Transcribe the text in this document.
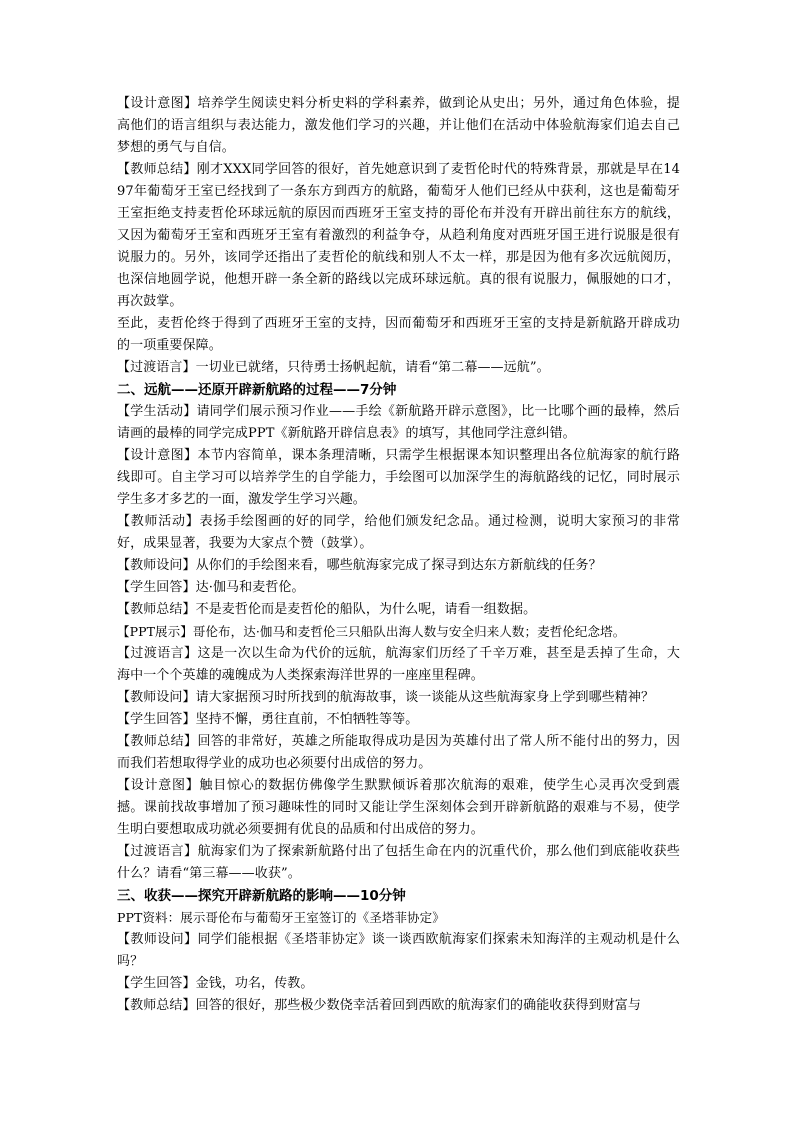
【设计意图】培养学生阅读史料分析史料的学科素养，做到论从史出；另外，通过角色体验，提高他们的语言组织与表达能力，激发他们学习的兴趣，并让他们在活动中体验航海家们追去自己梦想的勇气与自信。

【教师总结】刚才XXX同学回答的很好，首先她意识到了麦哲伦时代的特殊背景，那就是早在1497年葡萄牙王室已经找到了一条东方到西方的航路，葡萄牙人他们已经从中获利，这也是葡萄牙王室拒绝支持麦哲伦环球远航的原因而西班牙王室支持的哥伦布并没有开辟出前往东方的航线，又因为葡萄牙王室和西班牙王室有着激烈的利益争夺，从趋利角度对西班牙国王进行说服是很有说服力的。另外，该同学还指出了麦哲伦的航线和别人不太一样，那是因为他有多次远航阅历，也深信地圆学说，他想开辟一条全新的路线以完成环球远航。真的很有说服力，佩服她的口才，再次鼓掌。

至此，麦哲伦终于得到了西班牙王室的支持，因而葡萄牙和西班牙王室的支持是新航路开辟成功的一项重要保障。

【过渡语言】一切业已就绪，只待勇士扬帆起航，请看“第二幕——远航”。

二、远航——还原开辟新航路的过程——7分钟

【学生活动】请同学们展示预习作业——手绘《新航路开辟示意图》，比一比哪个画的最棒，然后请画的最棒的同学完成PPT《新航路开辟信息表》的填写，其他同学注意纠错。

【设计意图】本节内容简单，课本条理清晰，只需学生根据课本知识整理出各位航海家的航行路线即可。自主学习可以培养学生的自学能力，手绘图可以加深学生的海航路线的记忆，同时展示学生多才多艺的一面，激发学生学习兴趣。

【教师活动】表扬手绘图画的好的同学，给他们颁发纪念品。通过检测，说明大家预习的非常好，成果显著，我要为大家点个赞（鼓掌）。

【教师设问】从你们的手绘图来看，哪些航海家完成了探寻到达东方新航线的任务？

【学生回答】达·伽马和麦哲伦。

【教师总结】不是麦哲伦而是麦哲伦的船队，为什么呢，请看一组数据。

【PPT展示】哥伦布，达·伽马和麦哲伦三只船队出海人数与安全归来人数；麦哲伦纪念塔。

【过渡语言】这是一次以生命为代价的远航，航海家们历经了千辛万难，甚至是丢掉了生命，大海中一个个英雄的魂魄成为人类探索海洋世界的一座座里程碑。

【教师设问】请大家据预习时所找到的航海故事，谈一谈能从这些航海家身上学到哪些精神？

【学生回答】坚持不懈，勇往直前，不怕牺牲等等。

【教师总结】回答的非常好，英雄之所能取得成功是因为英雄付出了常人所不能付出的努力，因而我们若想取得学业的成功也必须要付出成倍的努力。

【设计意图】触目惊心的数据仿佛像学生默默倾诉着那次航海的艰难，使学生心灵再次受到震撼。课前找故事增加了预习趣味性的同时又能让学生深刻体会到开辟新航路的艰难与不易，使学生明白要想取成功就必须要拥有优良的品质和付出成倍的努力。

【过渡语言】航海家们为了探索新航路付出了包括生命在内的沉重代价，那么他们到底能收获些什么？请看“第三幕——收获”。

三、收获——探究开辟新航路的影响——10分钟

PPT资料：展示哥伦布与葡萄牙王室签订的《圣塔菲协定》

【教师设问】同学们能根据《圣塔菲协定》谈一谈西欧航海家们探索未知海洋的主观动机是什么吗？

【学生回答】金钱，功名，传教。

【教师总结】回答的很好，那些极少数侥幸活着回到西欧的航海家们的确能收获得到财富与
